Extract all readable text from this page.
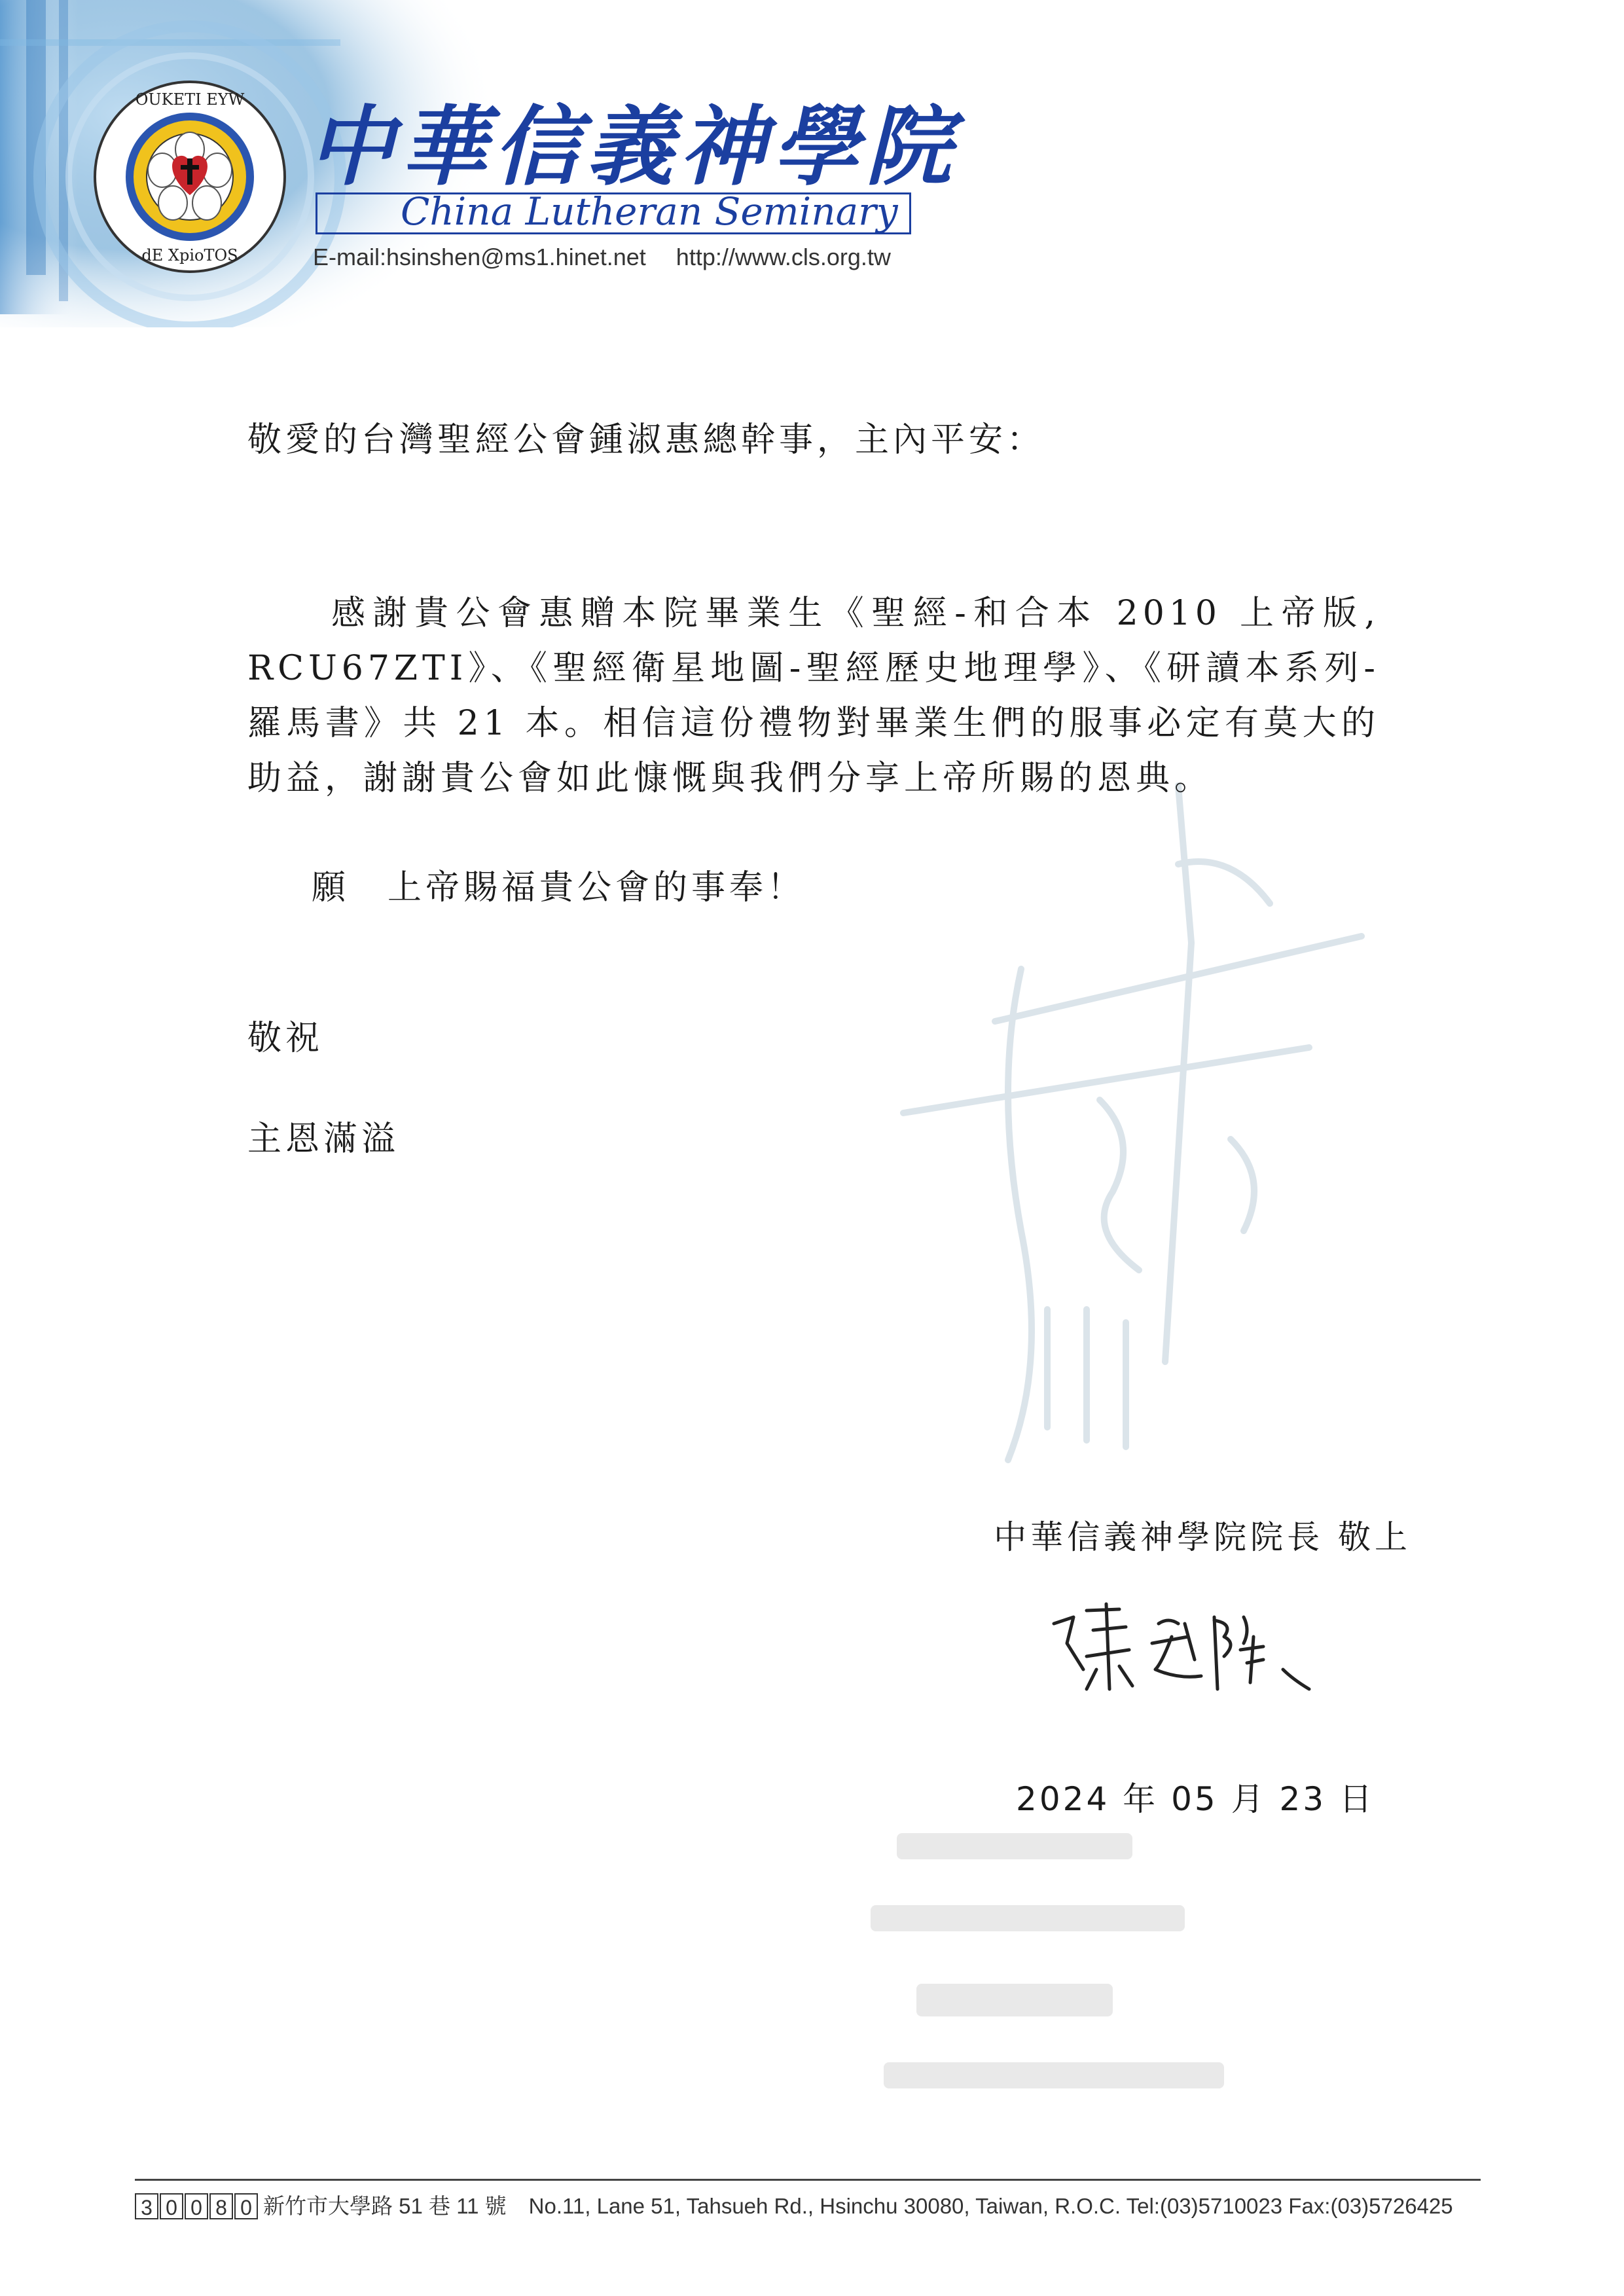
OUKETI EYW
dE XpioTOS
中華信義神學院
China Lutheran Seminary
E-mail:hsinshen@ms1.hinet.net http://www.cls.org.tw
敬愛的台灣聖經公會鍾淑惠總幹事，主內平安：
感謝貴公會惠贈本院畢業生《聖經-和合本 2010 上帝版, RCU67ZTI》、《聖經衛星地圖-聖經歷史地理學》、《研讀本系列-羅馬書》共 21 本。相信這份禮物對畢業生們的服事必定有莫大的助益，謝謝貴公會如此慷慨與我們分享上帝所賜的恩典。
願　上帝賜福貴公會的事奉！
敬祝
主恩滿溢
中華信義神學院院長 敬上
2024 年 05 月 23 日
3 0 0 8 0 新竹市大學路 51 巷 11 號 No.11, Lane 51, Tahsueh Rd., Hsinchu 30080, Taiwan, R.O.C. Tel:(03)5710023 Fax:(03)5726425
